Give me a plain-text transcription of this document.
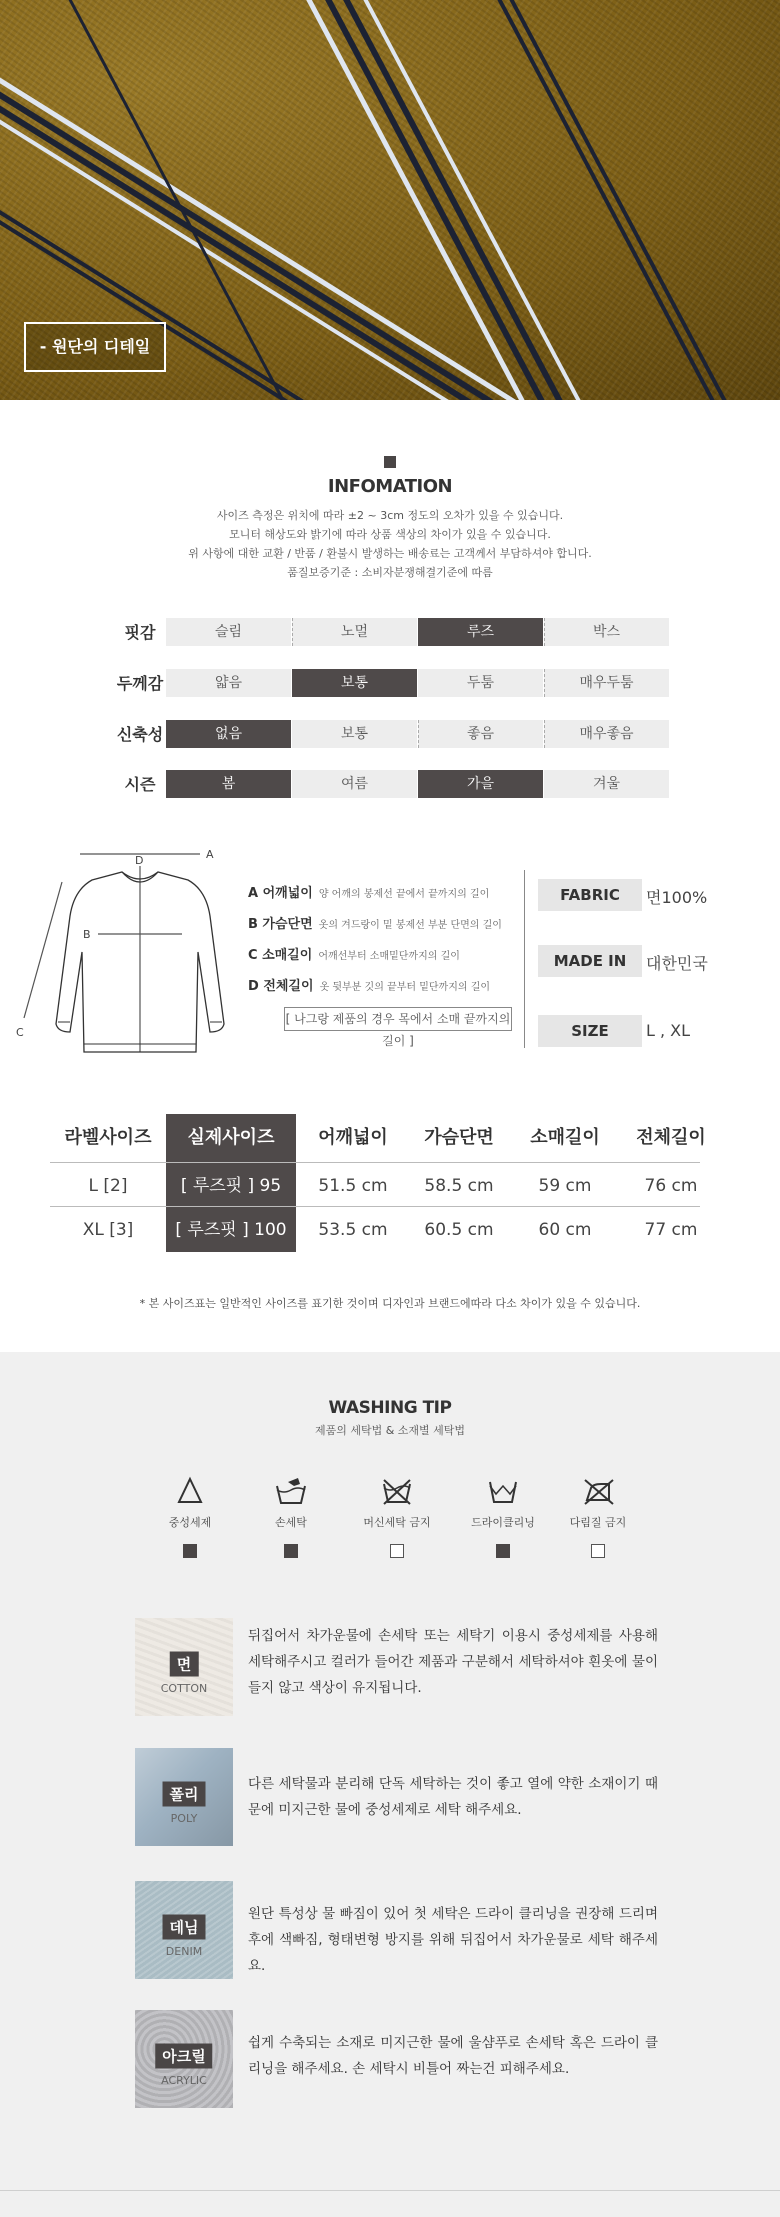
- 원단의 디테일
INFOMATION
사이즈 측정은 위치에 따라 ±2 ~ 3cm 정도의 오차가 있을 수 있습니다.
모니터 해상도와 밝기에 따라 상품 색상의 차이가 있을 수 있습니다.
위 사항에 대한 교환 / 반품 / 환불시 발생하는 배송료는 고객께서 부담하셔야 합니다.
품질보증기준 : 소비자분쟁해결기준에 따름
핏감	슬림	노멀	루즈	박스
두께감	얇음	보통	두툼	매우두툼
신축성	없음	보통	좋음	매우좋음
시즌	봄	여름	가을	겨울
A
D
B
C
A 어깨넓이 양 어깨의 봉제선 끝에서 끝까지의 길이
B 가슴단면 옷의 겨드랑이 밑 봉제선 부분 단면의 길이
C 소매길이 어깨선부터 소매밑단까지의 길이
D 전체길이 옷 뒷부분 깃의 끝부터 밑단까지의 길이
[ 나그랑 제품의 경우 목에서 소매 끝까지의 길이 ]
FABRIC	면100%
MADE IN	대한민국
SIZE	L , XL
라벨사이즈	실제사이즈	어깨넓이	가슴단면	소매길이	전체길이
L [2]	[ 루즈핏 ] 95	51.5 cm	58.5 cm	59 cm	76 cm
XL [3]	[ 루즈핏 ] 100	53.5 cm	60.5 cm	60 cm	77 cm
* 본 사이즈표는 일반적인 사이즈를 표기한 것이며 디자인과 브랜드에따라 다소 차이가 있을 수 있습니다.
WASHING TIP
제품의 세탁법 & 소재별 세탁법
중성세제	손세탁	머신세탁 금지	드라이클리닝	다림질 금지
면
COTTON
뒤집어서 차가운물에 손세탁 또는 세탁기 이용시 중성세제를 사용해 세탁해주시고 컬러가 들어간 제품과 구분해서 세탁하셔야 흰옷에 물이 들지 않고 색상이 유지됩니다.
폴리
POLY
다른 세탁물과 분리해 단독 세탁하는 것이 좋고 열에 약한 소재이기 때문에 미지근한 물에 중성세제로 세탁 해주세요.
데님
DENIM
원단 특성상 물 빠짐이 있어 첫 세탁은 드라이 클리닝을 권장해 드리며 후에 색빠짐, 형태변형 방지를 위해 뒤집어서 차가운물로 세탁 해주세요.
아크릴
ACRYLIC
쉽게 수축되는 소재로 미지근한 물에 울샴푸로 손세탁 혹은 드라이 클리닝을 해주세요. 손 세탁시 비틀어 짜는건 피해주세요.
